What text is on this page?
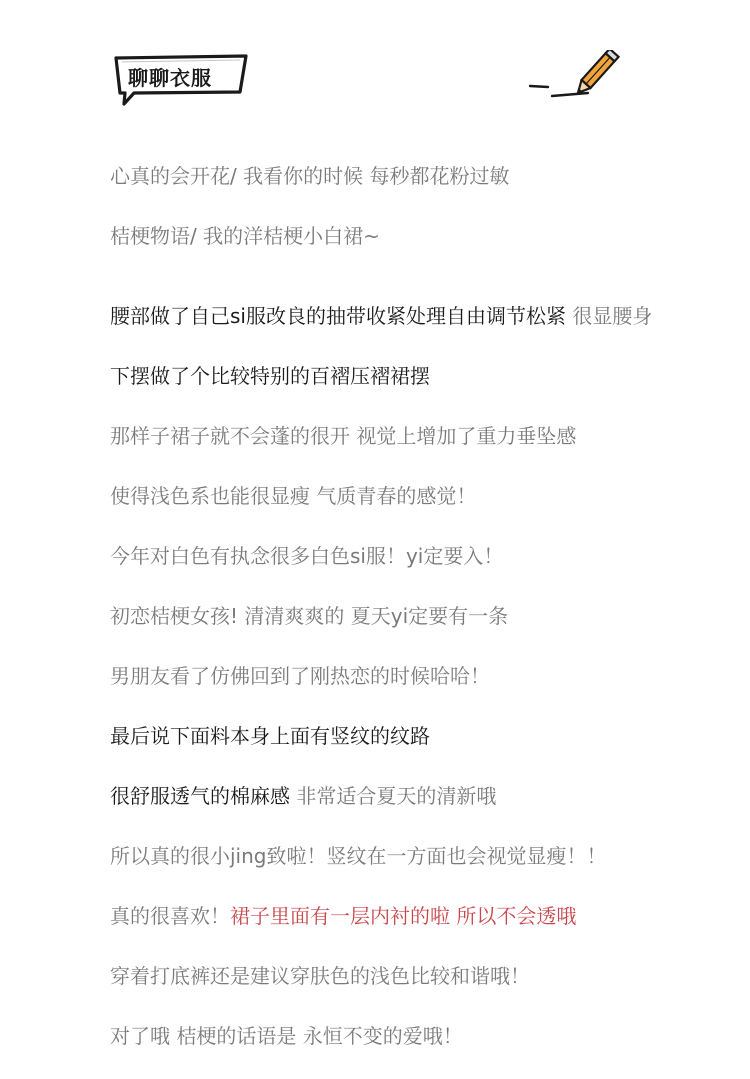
聊聊衣服
心真的会开花/ 我看你的时候 每秒都花粉过敏
桔梗物语/ 我的洋桔梗小白裙~
腰部做了自己si服改良的抽带收紧处理自由调节松紧 很显腰身
下摆做了个比较特别的百褶压褶裙摆
那样子裙子就不会蓬的很开 视觉上增加了重力垂坠感
使得浅色系也能很显瘦 气质青春的感觉！
今年对白色有执念很多白色si服！yi定要入！
初恋桔梗女孩! 清清爽爽的 夏天yi定要有一条
男朋友看了仿佛回到了刚热恋的时候哈哈！
最后说下面料本身上面有竖纹的纹路
很舒服透气的棉麻感 非常适合夏天的清新哦
所以真的很小jing致啦！竖纹在一方面也会视觉显瘦！！
真的很喜欢！裙子里面有一层内衬的啦 所以不会透哦
穿着打底裤还是建议穿肤色的浅色比较和谐哦！
对了哦 桔梗的话语是 永恒不变的爱哦！
